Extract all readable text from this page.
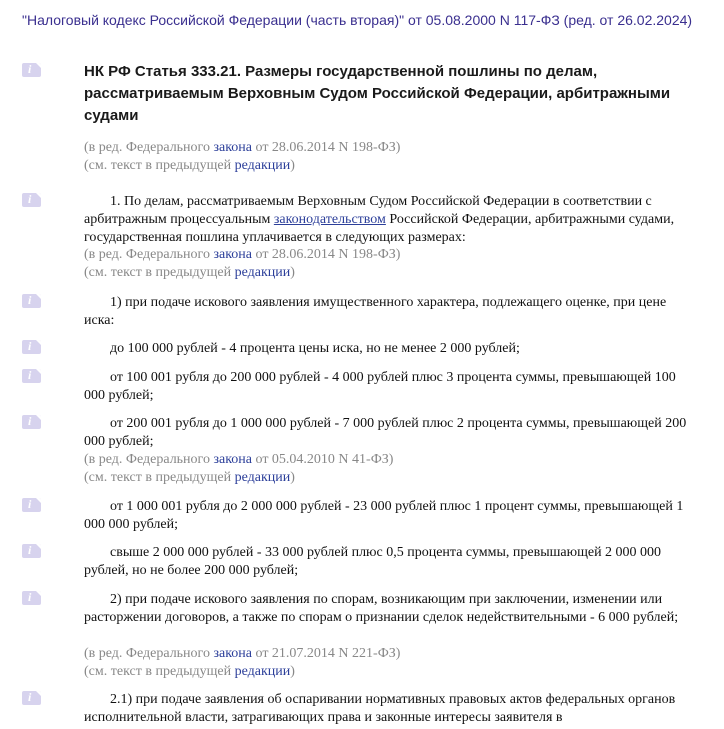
"Налоговый кодекс Российской Федерации (часть вторая)" от 05.08.2000 N 117-ФЗ (ред. от 26.02.2024)
i	НК РФ Статья 333.21. Размеры государственной пошлины по делам,
рассматриваемым Верховным Судом Российской Федерации, арбитражными
судами
(в ред. Федерального закона от 28.06.2014 N 198-ФЗ)
(см. текст в предыдущей редакции)
i	1. По делам, рассматриваемым Верховным Судом Российской Федерации в соответствии с арбитражным процессуальным законодательством Российской Федерации, арбитражными судами, государственная пошлина уплачивается в следующих размерах:
(в ред. Федерального закона от 28.06.2014 N 198-ФЗ)
(см. текст в предыдущей редакции)
i	1) при подаче искового заявления имущественного характера, подлежащего оценке, при цене иска:
i	до 100 000 рублей - 4 процента цены иска, но не менее 2 000 рублей;
i	от 100 001 рубля до 200 000 рублей - 4 000 рублей плюс 3 процента суммы, превышающей 100 000 рублей;
i	от 200 001 рубля до 1 000 000 рублей - 7 000 рублей плюс 2 процента суммы, превышающей 200 000 рублей;
(в ред. Федерального закона от 05.04.2010 N 41-ФЗ)
(см. текст в предыдущей редакции)
i	от 1 000 001 рубля до 2 000 000 рублей - 23 000 рублей плюс 1 процент суммы, превышающей 1 000 000 рублей;
i	свыше 2 000 000 рублей - 33 000 рублей плюс 0,5 процента суммы, превышающей 2 000 000 рублей, но не более 200 000 рублей;
i	2) при подаче искового заявления по спорам, возникающим при заключении, изменении или расторжении договоров, а также по спорам о признании сделок недействительными - 6 000 рублей;
(в ред. Федерального закона от 21.07.2014 N 221-ФЗ)
(см. текст в предыдущей редакции)
i	2.1) при подаче заявления об оспаривании нормативных правовых актов федеральных органов исполнительной власти, затрагивающих права и законные интересы заявителя в
